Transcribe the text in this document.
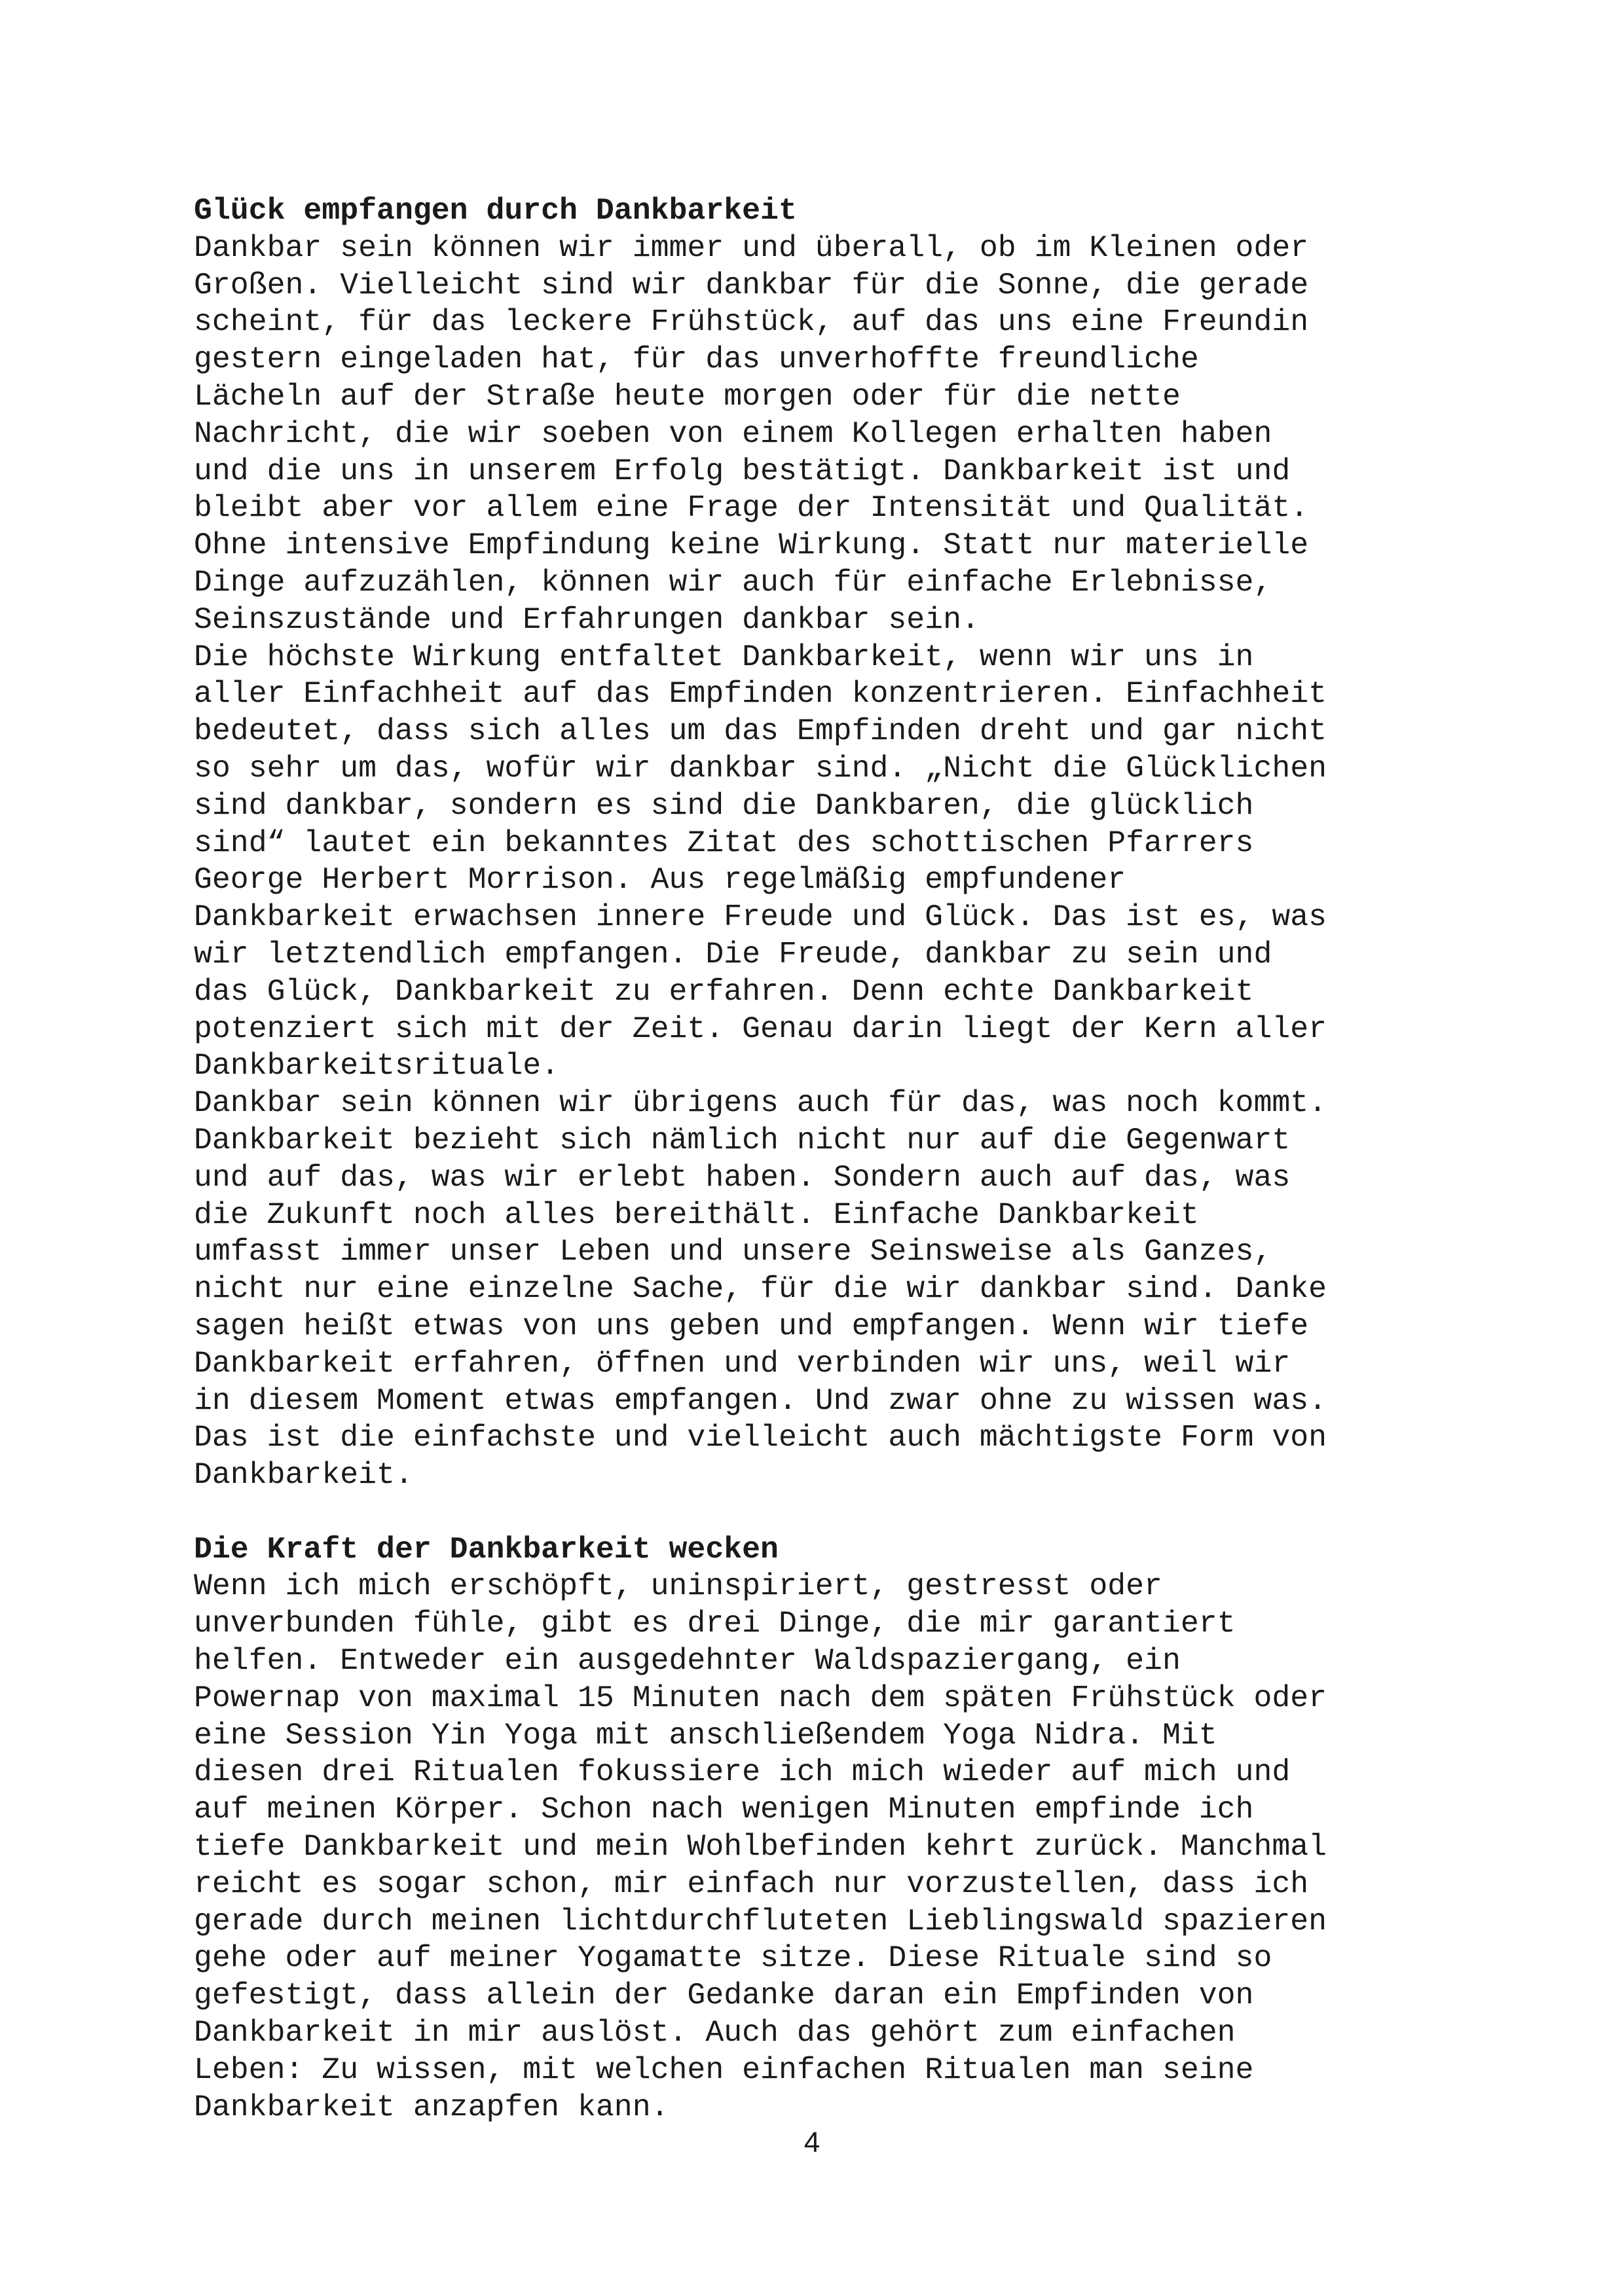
Glück empfangen durch Dankbarkeit
Dankbar sein können wir immer und überall, ob im Kleinen oder
Großen. Vielleicht sind wir dankbar für die Sonne, die gerade
scheint, für das leckere Frühstück, auf das uns eine Freundin
gestern eingeladen hat, für das unverhoffte freundliche
Lächeln auf der Straße heute morgen oder für die nette
Nachricht, die wir soeben von einem Kollegen erhalten haben
und die uns in unserem Erfolg bestätigt. Dankbarkeit ist und
bleibt aber vor allem eine Frage der Intensität und Qualität.
Ohne intensive Empfindung keine Wirkung. Statt nur materielle
Dinge aufzuzählen, können wir auch für einfache Erlebnisse,
Seinszustände und Erfahrungen dankbar sein.
Die höchste Wirkung entfaltet Dankbarkeit, wenn wir uns in
aller Einfachheit auf das Empfinden konzentrieren. Einfachheit
bedeutet, dass sich alles um das Empfinden dreht und gar nicht
so sehr um das, wofür wir dankbar sind. „Nicht die Glücklichen
sind dankbar, sondern es sind die Dankbaren, die glücklich
sind“ lautet ein bekanntes Zitat des schottischen Pfarrers
George Herbert Morrison. Aus regelmäßig empfundener
Dankbarkeit erwachsen innere Freude und Glück. Das ist es, was
wir letztendlich empfangen. Die Freude, dankbar zu sein und
das Glück, Dankbarkeit zu erfahren. Denn echte Dankbarkeit
potenziert sich mit der Zeit. Genau darin liegt der Kern aller
Dankbarkeitsrituale.
Dankbar sein können wir übrigens auch für das, was noch kommt.
Dankbarkeit bezieht sich nämlich nicht nur auf die Gegenwart
und auf das, was wir erlebt haben. Sondern auch auf das, was
die Zukunft noch alles bereithält. Einfache Dankbarkeit
umfasst immer unser Leben und unsere Seinsweise als Ganzes,
nicht nur eine einzelne Sache, für die wir dankbar sind. Danke
sagen heißt etwas von uns geben und empfangen. Wenn wir tiefe
Dankbarkeit erfahren, öffnen und verbinden wir uns, weil wir
in diesem Moment etwas empfangen. Und zwar ohne zu wissen was.
Das ist die einfachste und vielleicht auch mächtigste Form von
Dankbarkeit.
Die Kraft der Dankbarkeit wecken
Wenn ich mich erschöpft, uninspiriert, gestresst oder
unverbunden fühle, gibt es drei Dinge, die mir garantiert
helfen. Entweder ein ausgedehnter Waldspaziergang, ein
Powernap von maximal 15 Minuten nach dem späten Frühstück oder
eine Session Yin Yoga mit anschließendem Yoga Nidra. Mit
diesen drei Ritualen fokussiere ich mich wieder auf mich und
auf meinen Körper. Schon nach wenigen Minuten empfinde ich
tiefe Dankbarkeit und mein Wohlbefinden kehrt zurück. Manchmal
reicht es sogar schon, mir einfach nur vorzustellen, dass ich
gerade durch meinen lichtdurchfluteten Lieblingswald spazieren
gehe oder auf meiner Yogamatte sitze. Diese Rituale sind so
gefestigt, dass allein der Gedanke daran ein Empfinden von
Dankbarkeit in mir auslöst. Auch das gehört zum einfachen
Leben: Zu wissen, mit welchen einfachen Ritualen man seine
Dankbarkeit anzapfen kann.
4
